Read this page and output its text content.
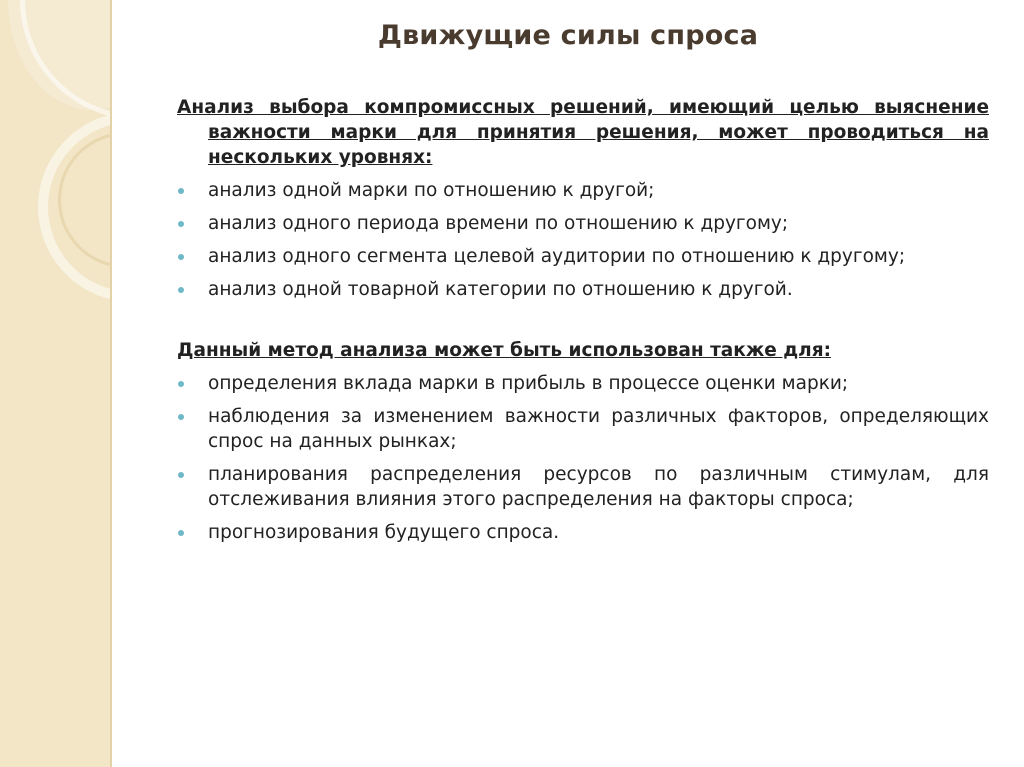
Движущие силы спроса

Анализ выбора компромиссных решений, имеющий целью выяснение важности марки для принятия решения, может проводиться на нескольких уровнях:

анализ одной марки по отношению к другой;
анализ одного периода времени по отношению к другому;
анализ одного сегмента целевой аудитории по отношению к другому;
анализ одной товарной категории по отношению к другой.

Данный метод анализа может быть использован также для:

определения вклада марки в прибыль в процессе оценки марки;
наблюдения за изменением важности различных факторов, определяющих спрос на данных рынках;
планирования распределения ресурсов по различным стимулам, для отслеживания влияния этого распределения на факторы спроса;
прогнозирования будущего спроса.
